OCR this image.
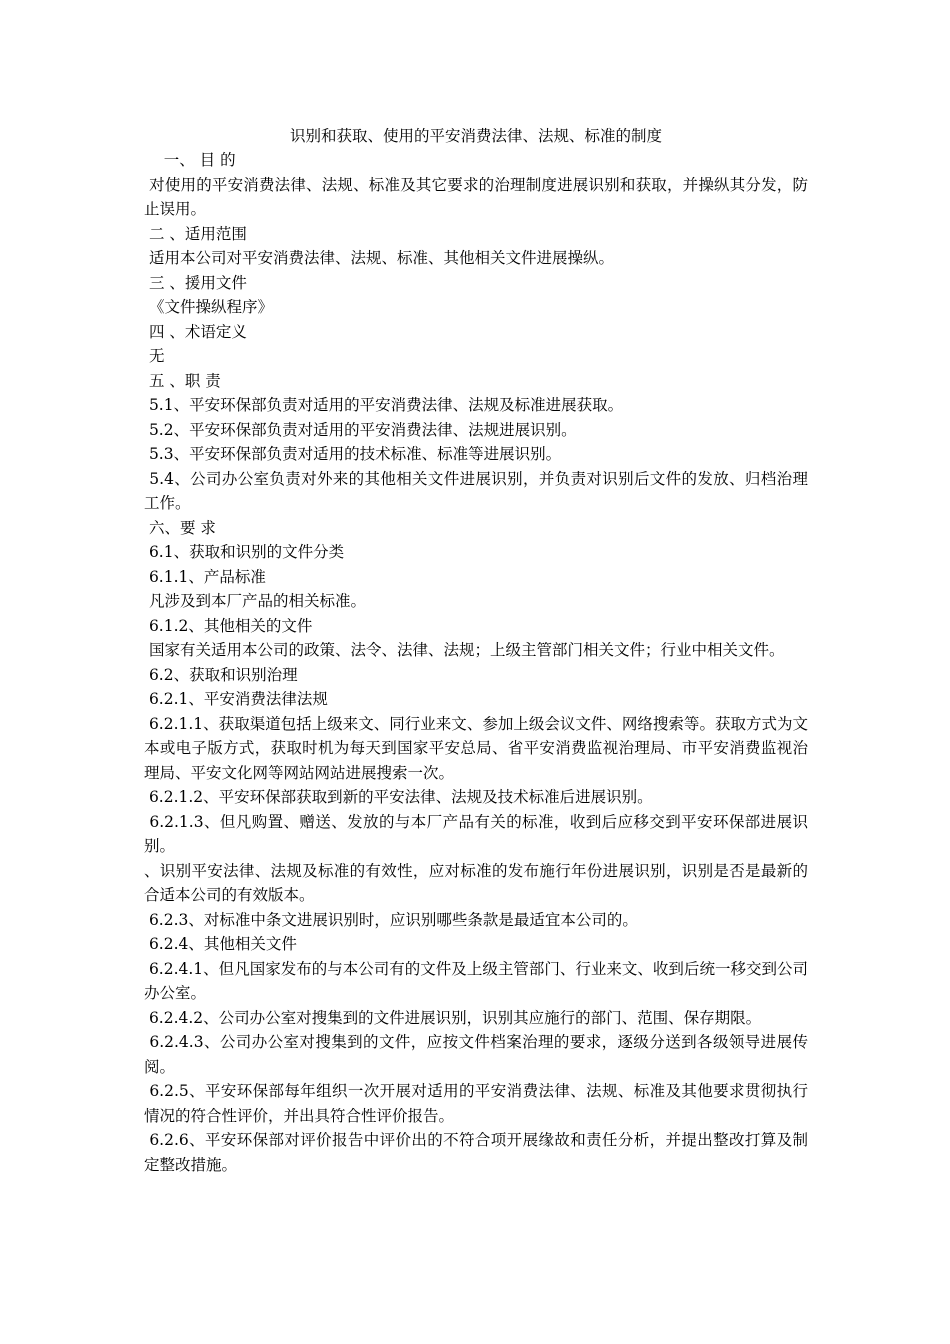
识别和获取、使用的平安消费法律、法规、标准的制度

一、 目 的

对使用的平安消费法律、法规、标准及其它要求的治理制度进展识别和获取，并操纵其分发，防止误用。

二 、适用范围

适用本公司对平安消费法律、法规、标准、其他相关文件进展操纵。

三 、援用文件

《文件操纵程序》

四 、术语定义

无

五 、职 责

5.1、平安环保部负责对适用的平安消费法律、法规及标准进展获取。

5.2、平安环保部负责对适用的平安消费法律、法规进展识别。

5.3、平安环保部负责对适用的技术标准、标准等进展识别。

5.4、公司办公室负责对外来的其他相关文件进展识别，并负责对识别后文件的发放、归档治理工作。

六、要 求

6.1、获取和识别的文件分类

6.1.1、产品标准

凡涉及到本厂产品的相关标准。

6.1.2、其他相关的文件

国家有关适用本公司的政策、法令、法律、法规；上级主管部门相关文件；行业中相关文件。

6.2、获取和识别治理

6.2.1、平安消费法律法规

6.2.1.1、获取渠道包括上级来文、同行业来文、参加上级会议文件、网络搜索等。获取方式为文本或电子版方式，获取时机为每天到国家平安总局、省平安消费监视治理局、市平安消费监视治理局、平安文化网等网站网站进展搜索一次。

6.2.1.2、平安环保部获取到新的平安法律、法规及技术标准后进展识别。

6.2.1.3、但凡购置、赠送、发放的与本厂产品有关的标准，收到后应移交到平安环保部进展识别。

、识别平安法律、法规及标准的有效性，应对标准的发布施行年份进展识别，识别是否是最新的合适本公司的有效版本。

6.2.3、对标准中条文进展识别时，应识别哪些条款是最适宜本公司的。

6.2.4、其他相关文件

6.2.4.1、但凡国家发布的与本公司有的文件及上级主管部门、行业来文、收到后统一移交到公司办公室。

6.2.4.2、公司办公室对搜集到的文件进展识别，识别其应施行的部门、范围、保存期限。

6.2.4.3、公司办公室对搜集到的文件，应按文件档案治理的要求，逐级分送到各级领导进展传阅。

6.2.5、平安环保部每年组织一次开展对适用的平安消费法律、法规、标准及其他要求贯彻执行情况的符合性评价，并出具符合性评价报告。

6.2.6、平安环保部对评价报告中评价出的不符合项开展缘故和责任分析，并提出整改打算及制定整改措施。
